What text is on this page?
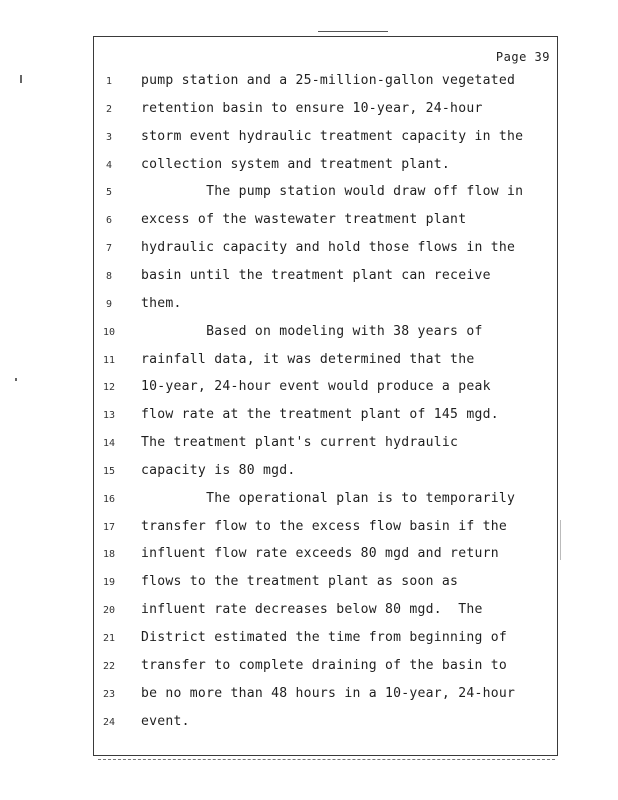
Page 39
1	pump station and a 25-million-gallon vegetated
2	retention basin to ensure 10-year, 24-hour
3	storm event hydraulic treatment capacity in the
4	collection system and treatment plant.
5	The pump station would draw off flow in
6	excess of the wastewater treatment plant
7	hydraulic capacity and hold those flows in the
8	basin until the treatment plant can receive
9	them.
10	Based on modeling with 38 years of
11	rainfall data, it was determined that the
12	10-year, 24-hour event would produce a peak
13	flow rate at the treatment plant of 145 mgd.
14	The treatment plant's current hydraulic
15	capacity is 80 mgd.
16	The operational plan is to temporarily
17	transfer flow to the excess flow basin if the
18	influent flow rate exceeds 80 mgd and return
19	flows to the treatment plant as soon as
20	influent rate decreases below 80 mgd.  The
21	District estimated the time from beginning of
22	transfer to complete draining of the basin to
23	be no more than 48 hours in a 10-year, 24-hour
24	event.
